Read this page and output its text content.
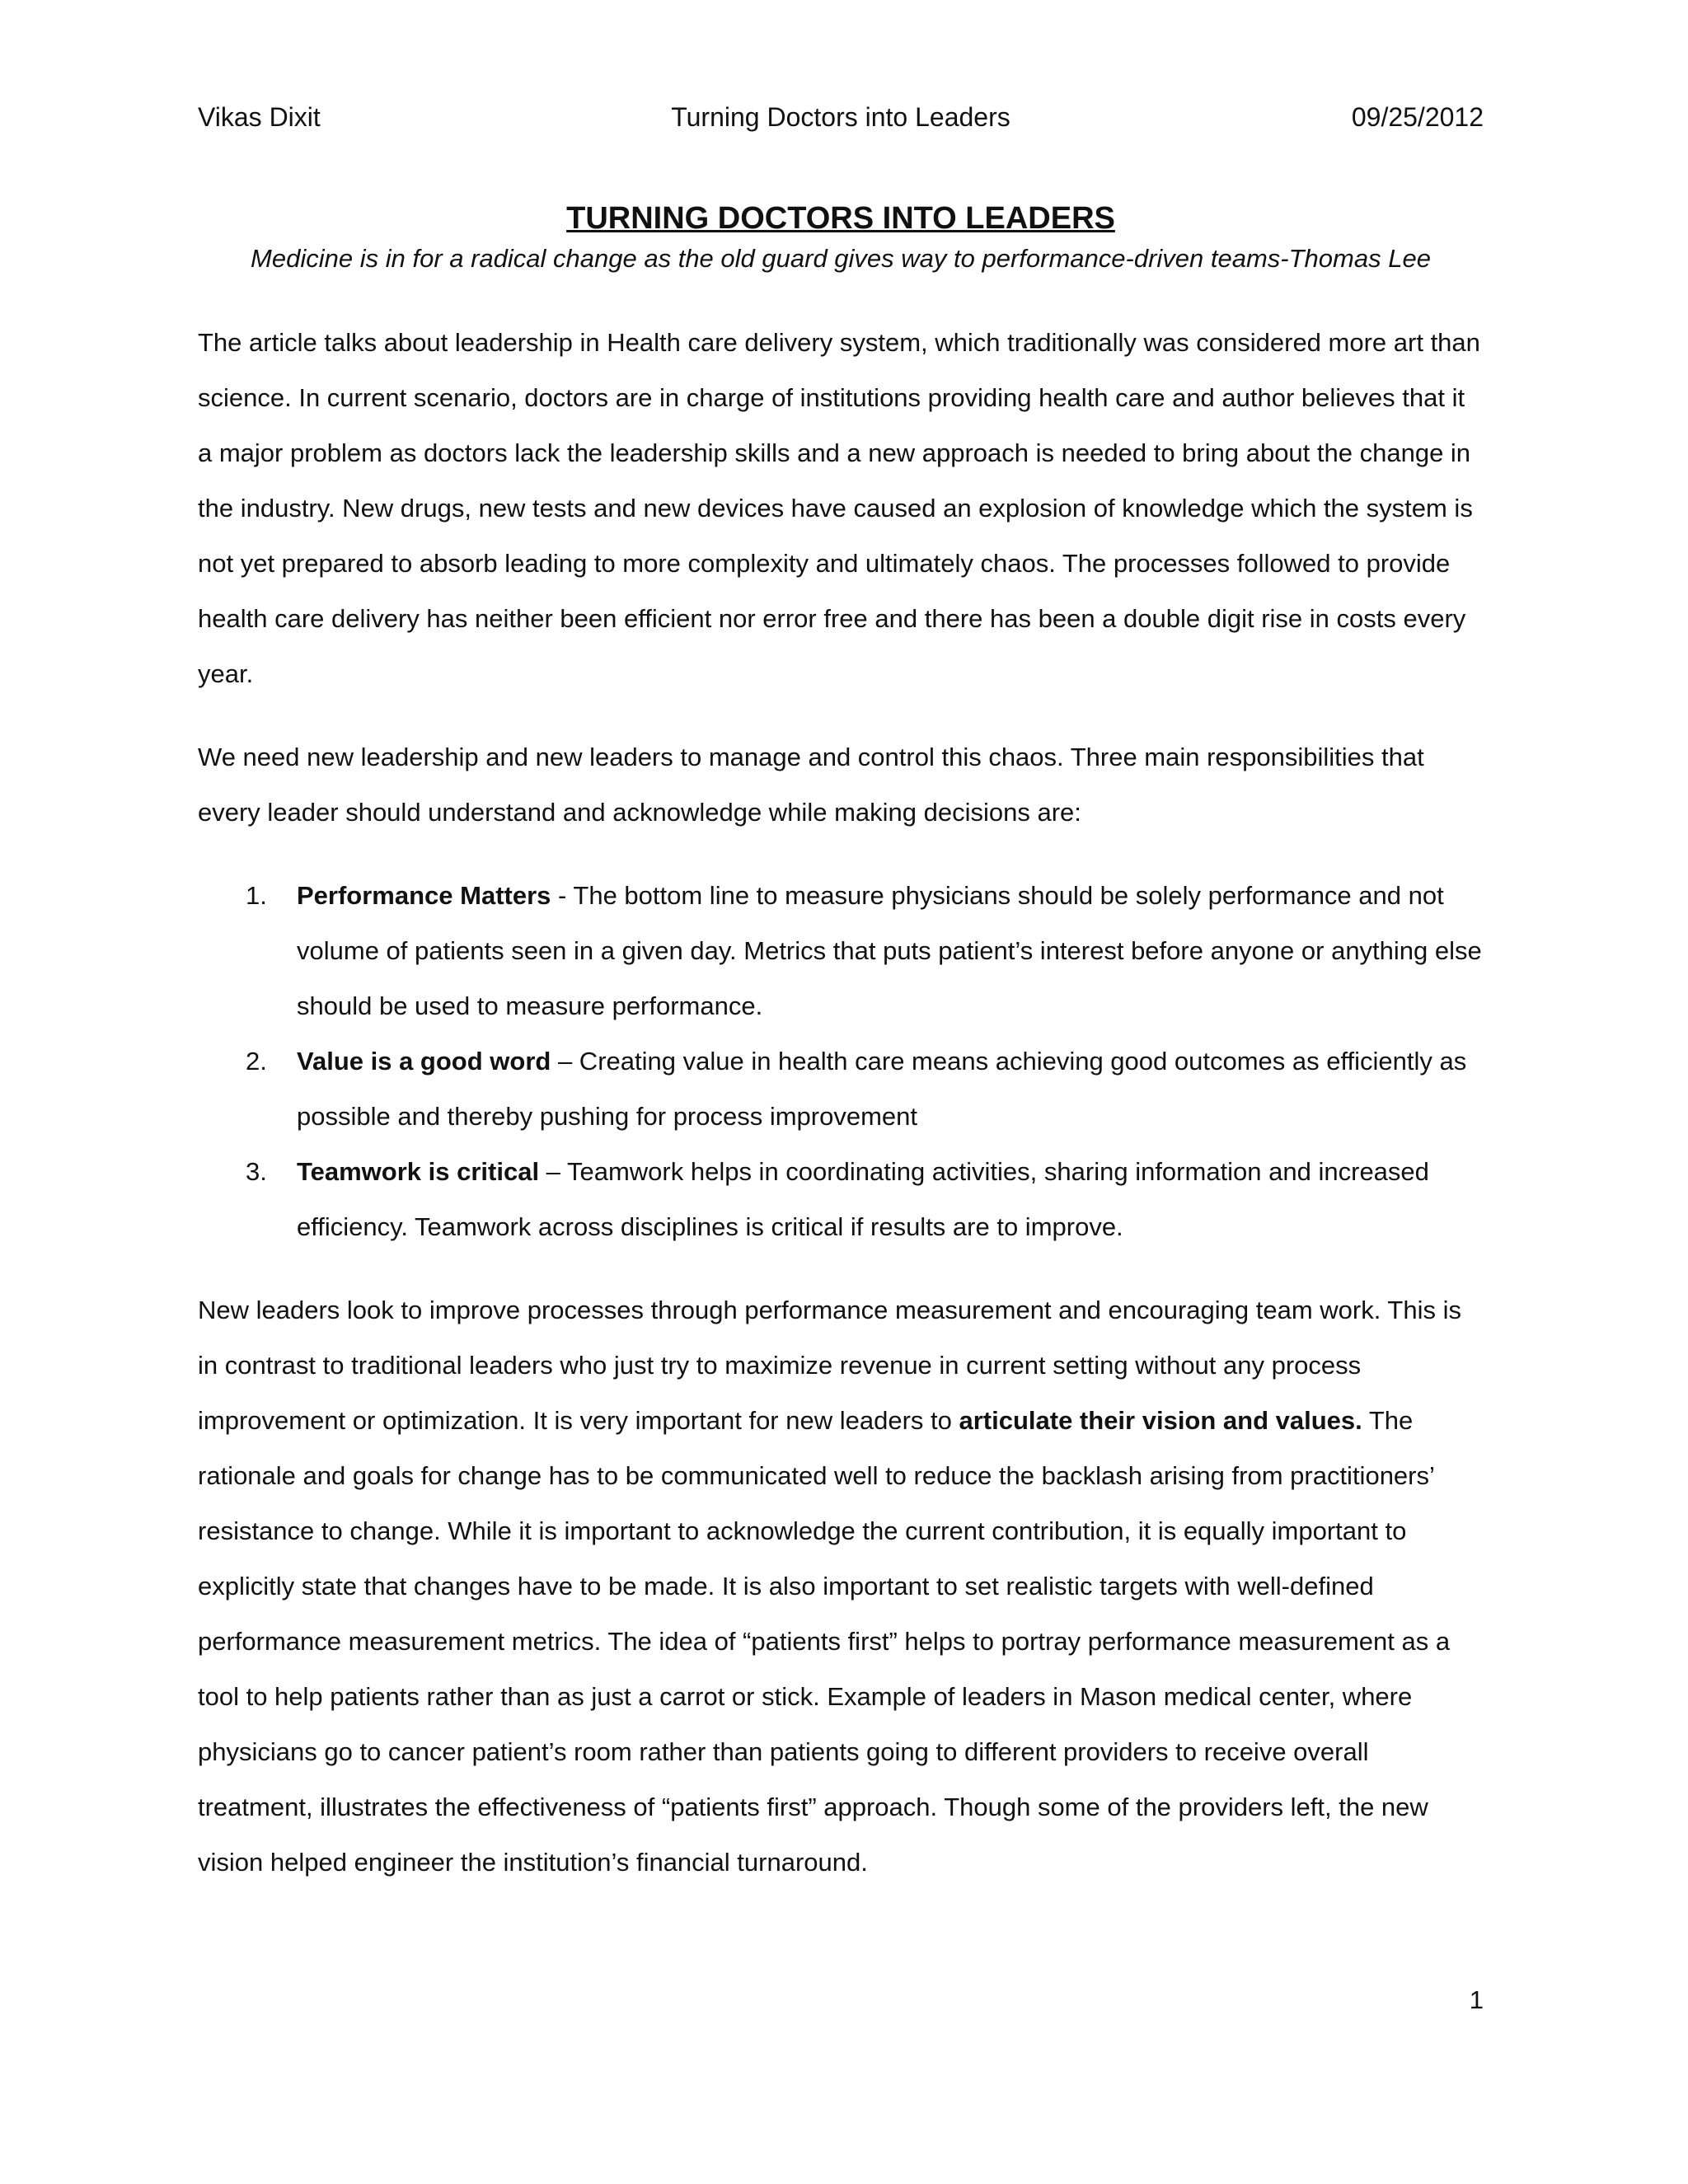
Vikas Dixit	Turning Doctors into Leaders	09/25/2012
TURNING DOCTORS INTO LEADERS
Medicine is in for a radical change as the old guard gives way to performance-driven teams-Thomas Lee

The article talks about leadership in Health care delivery system, which traditionally was considered more art than science. In current scenario, doctors are in charge of institutions providing health care and author believes that it a major problem as doctors lack the leadership skills and a new approach is needed to bring about the change in the industry. New drugs, new tests and new devices have caused an explosion of knowledge which the system is not yet prepared to absorb leading to more complexity and ultimately chaos. The processes followed to provide health care delivery has neither been efficient nor error free and there has been a double digit rise in costs every year.

We need new leadership and new leaders to manage and control this chaos. Three main responsibilities that every leader should understand and acknowledge while making decisions are:

1. Performance Matters - The bottom line to measure physicians should be solely performance and not volume of patients seen in a given day. Metrics that puts patient’s interest before anyone or anything else should be used to measure performance.
2. Value is a good word – Creating value in health care means achieving good outcomes as efficiently as possible and thereby pushing for process improvement
3. Teamwork is critical – Teamwork helps in coordinating activities, sharing information and increased efficiency. Teamwork across disciplines is critical if results are to improve.

New leaders look to improve processes through performance measurement and encouraging team work. This is in contrast to traditional leaders who just try to maximize revenue in current setting without any process improvement or optimization. It is very important for new leaders to articulate their vision and values. The rationale and goals for change has to be communicated well to reduce the backlash arising from practitioners’ resistance to change. While it is important to acknowledge the current contribution, it is equally important to explicitly state that changes have to be made. It is also important to set realistic targets with well-defined performance measurement metrics. The idea of “patients first” helps to portray performance measurement as a tool to help patients rather than as just a carrot or stick. Example of leaders in Mason medical center, where physicians go to cancer patient’s room rather than patients going to different providers to receive overall treatment, illustrates the effectiveness of “patients first” approach. Though some of the providers left, the new vision helped engineer the institution’s financial turnaround.

1
